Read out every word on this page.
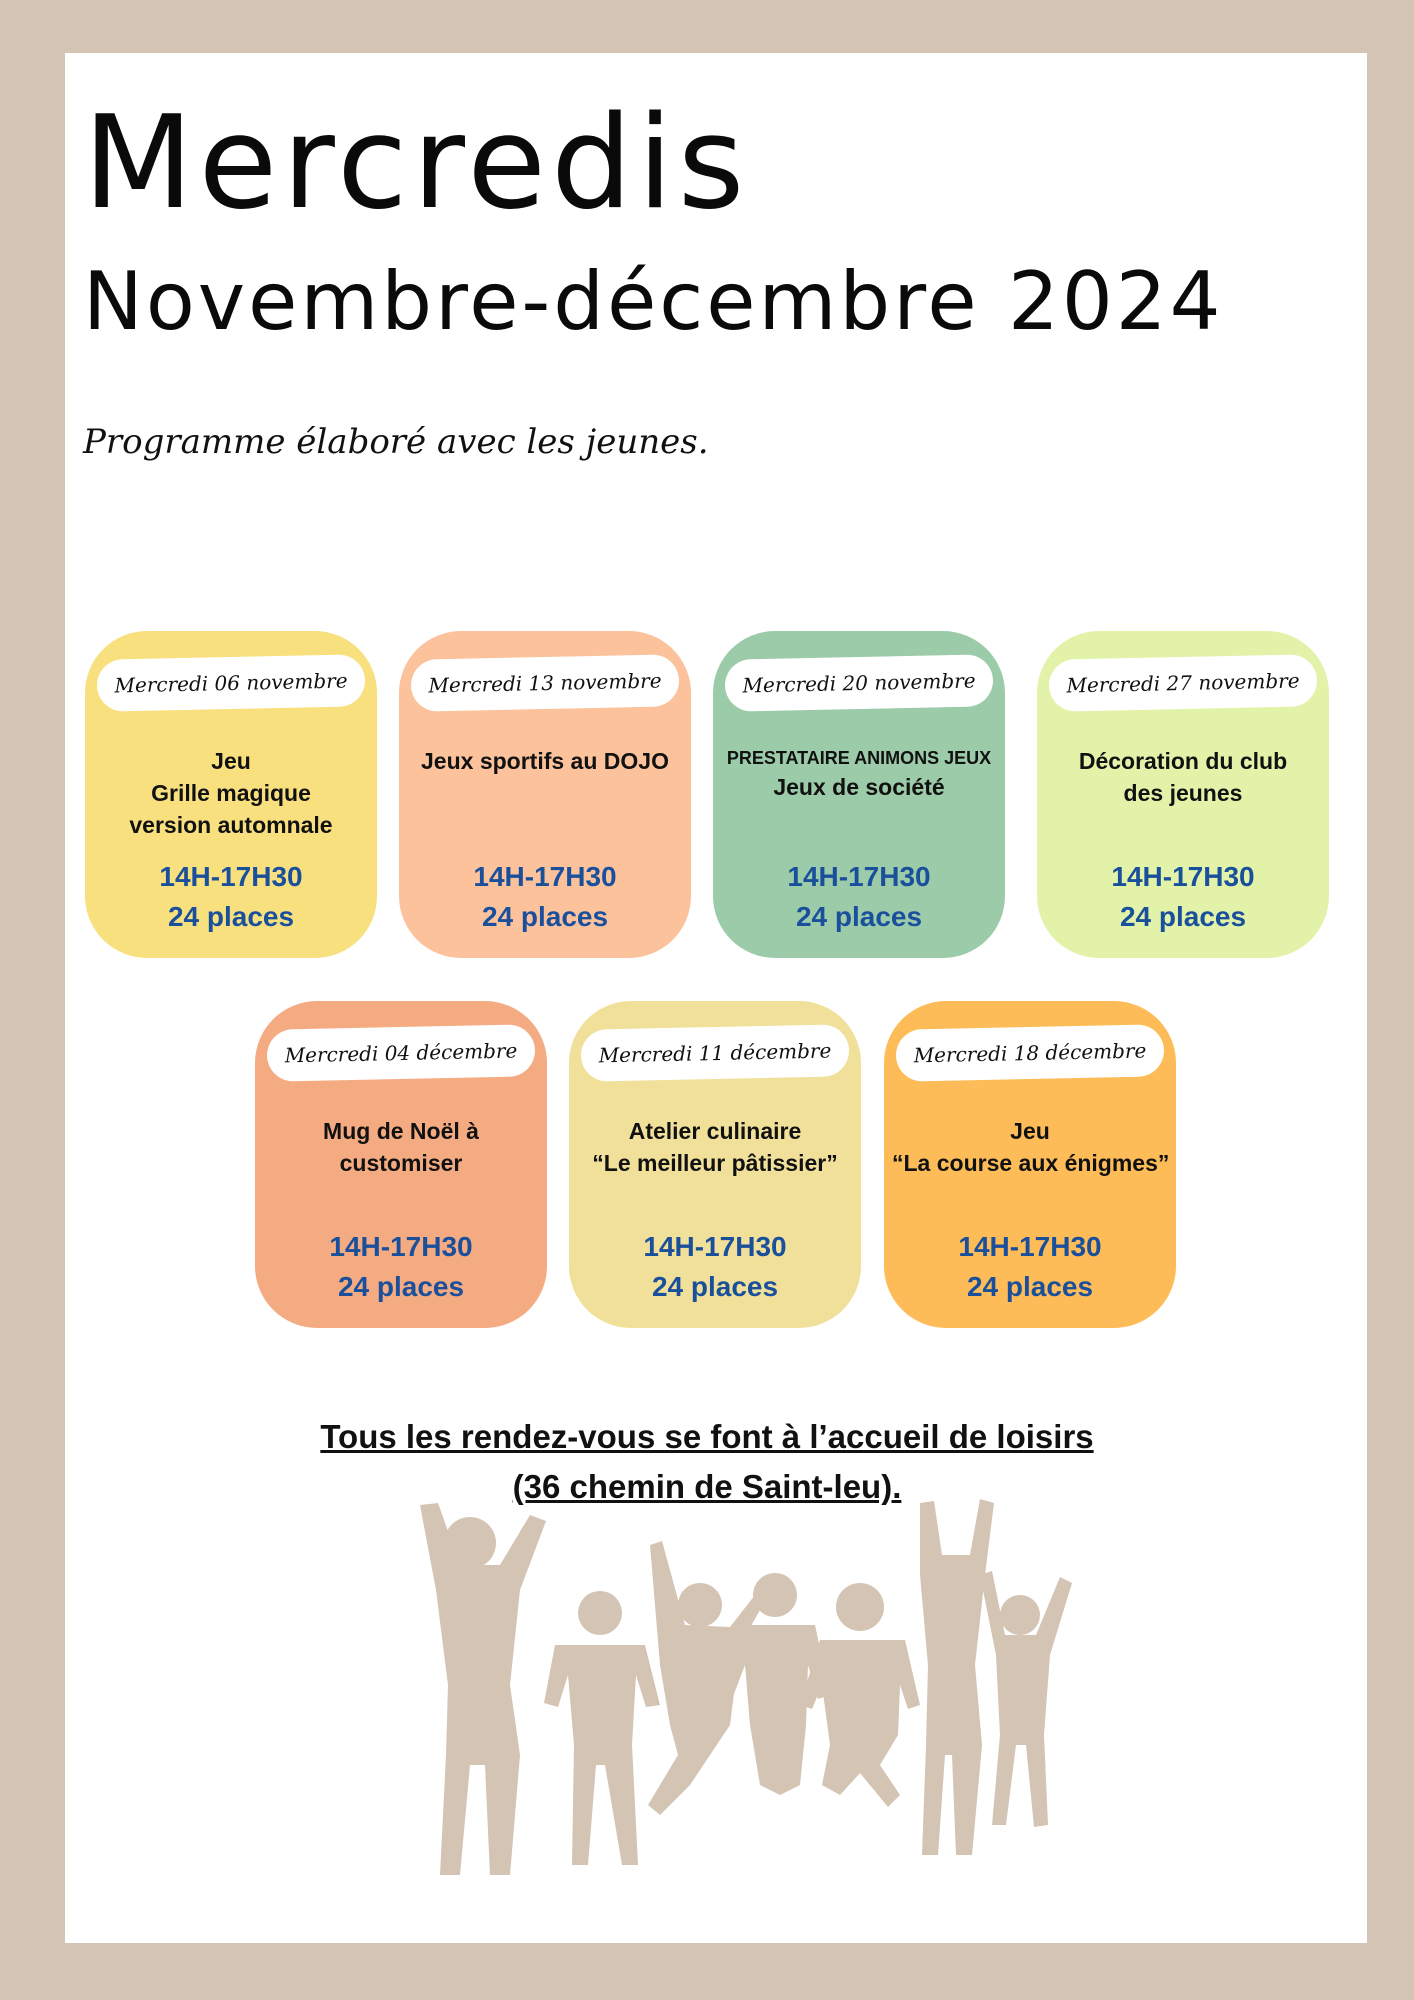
Mercredis
Novembre-décembre 2024

Programme élaboré avec les jeunes.

Mercredi 06 novembre
Jeu
Grille magique
version automnale
14H-17H30
24 places
Mercredi 13 novembre
Jeux sportifs au DOJO
14H-17H30
24 places
Mercredi 20 novembre
PRESTATAIRE ANIMONS JEUX
Jeux de société
14H-17H30
24 places
Mercredi 27 novembre
Décoration du club
des jeunes
14H-17H30
24 places
Mercredi 04 décembre
Mug de Noël à
customiser
14H-17H30
24 places
Mercredi 11 décembre
Atelier culinaire
“Le meilleur pâtissier”
14H-17H30
24 places
Mercredi 18 décembre
Jeu
“La course aux énigmes”
14H-17H30
24 places
Tous les rendez-vous se font à l’accueil de loisirs
(36 chemin de Saint-leu).
